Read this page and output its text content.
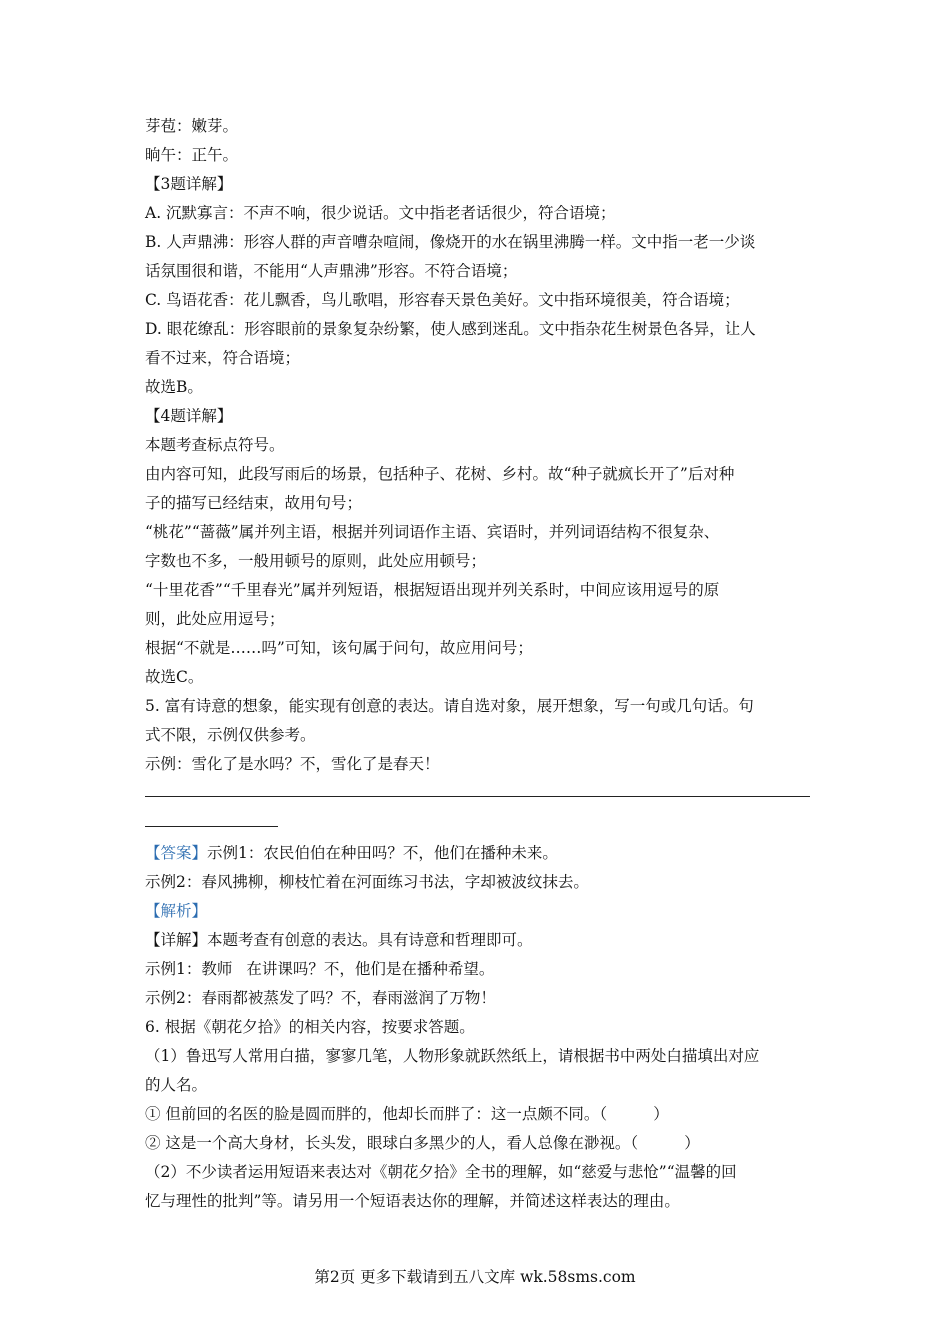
芽苞：嫩芽。

晌午：正午。

【3题详解】

A. 沉默寡言：不声不响，很少说话。文中指老者话很少，符合语境；

B. 人声鼎沸：形容人群的声音嘈杂喧闹，像烧开的水在锅里沸腾一样。文中指一老一少谈

话氛围很和谐，不能用“人声鼎沸”形容。不符合语境；

C. 鸟语花香：花儿飘香，鸟儿歌唱，形容春天景色美好。文中指环境很美，符合语境；

D. 眼花缭乱：形容眼前的景象复杂纷繁，使人感到迷乱。文中指杂花生树景色各异，让人

看不过来，符合语境；

故选B。

【4题详解】

本题考查标点符号。

由内容可知，此段写雨后的场景，包括种子、花树、乡村。故“种子就疯长开了”后对种

子的描写已经结束，故用句号；

“桃花”“蔷薇”属并列主语，根据并列词语作主语、宾语时，并列词语结构不很复杂、

字数也不多，一般用顿号的原则，此处应用顿号；

“十里花香”“千里春光”属并列短语，根据短语出现并列关系时，中间应该用逗号的原

则，此处应用逗号；

根据“不就是……吗”可知，该句属于问句，故应用问号；

故选C。

5. 富有诗意的想象，能实现有创意的表达。请自选对象，展开想象，写一句或几句话。句

式不限，示例仅供参考。

示例：雪化了是水吗？不，雪化了是春天！

【答案】示例1：农民伯伯在种田吗？不，他们在播种未来。

示例2：春风拂柳，柳枝忙着在河面练习书法，字却被波纹抹去。

【解析】

【详解】本题考查有创意的表达。具有诗意和哲理即可。

示例1：教师 在讲课吗？不，他们是在播种希望。

示例2：春雨都被蒸发了吗？不，春雨滋润了万物！

6. 根据《朝花夕拾》的相关内容，按要求答题。

（1）鲁迅写人常用白描，寥寥几笔，人物形象就跃然纸上，请根据书中两处白描填出对应

的人名。

① 但前回的名医的脸是圆而胖的，他却长而胖了：这一点颇不同。（	）

② 这是一个高大身材，长头发，眼球白多黑少的人，看人总像在渺视。（	）

（2）不少读者运用短语来表达对《朝花夕拾》全书的理解，如“慈爱与悲怆”“温馨的回

忆与理性的批判”等。请另用一个短语表达你的理解，并简述这样表达的理由。

第2页 更多下载请到五八文库 wk.58sms.com
